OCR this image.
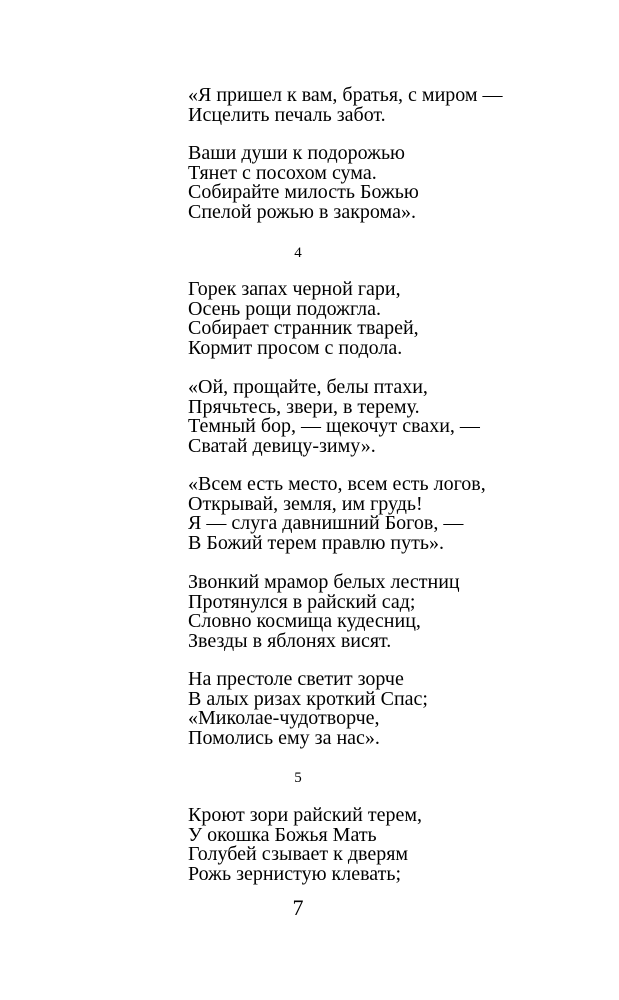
«Я пришел к вам, братья, с миром —
Исцелить печаль забот.
Ваши души к подорожью
Тянет с посохом сума.
Собирайте милость Божью
Спелой рожью в закрома».
4
Горек запах черной гари,
Осень рощи подожгла.
Собирает странник тварей,
Кормит просом с подола.
«Ой, прощайте, белы птахи,
Прячьтесь, звери, в терему.
Темный бор, — щекочут свахи, —
Сватай девицу-зиму».
«Всем есть место, всем есть логов,
Открывай, земля, им грудь!
Я — слуга давнишний Богов, —
В Божий терем правлю путь».
Звонкий мрамор белых лестниц
Протянулся в райский сад;
Словно космища кудесниц,
Звезды в яблонях висят.
На престоле светит зорче
В алых ризах кроткий Спас;
«Миколае-чудотворче,
Помолись ему за нас».
5
Кроют зори райский терем,
У окошка Божья Мать
Голубей сзывает к дверям
Рожь зернистую клевать;
7
